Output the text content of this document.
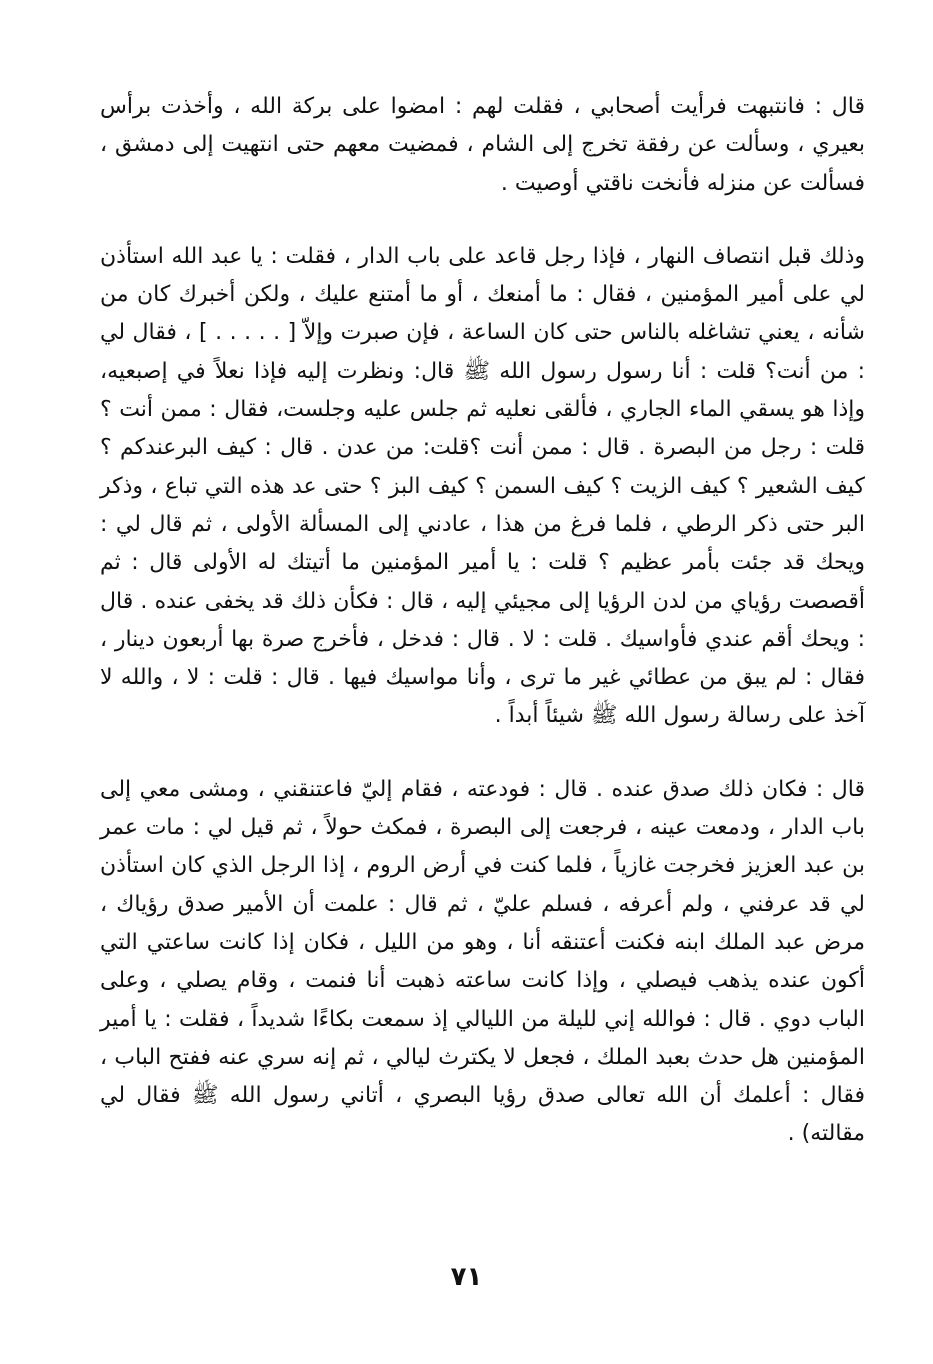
قال : فانتبهت فرأيت أصحابي ، فقلت لهم : امضوا على بركة الله ، وأخذت برأس بعيري ، وسألت عن رفقة تخرج إلى الشام ، فمضيت معهم حتى انتهيت إلى دمشق ، فسألت عن منزله فأنخت ناقتي أوصيت .

وذلك قبل انتصاف النهار ، فإذا رجل قاعد على باب الدار ، فقلت : يا عبد الله استأذن لي على أمير المؤمنين ، فقال : ما أمنعك ، أو ما أمتنع عليك ، ولكن أخبرك كان من شأنه ، يعني تشاغله بالناس حتى كان الساعة ، فإن صبرت وإلاّ [ . . . . . ] ، فقال لي : من أنت؟ قلت : أنا رسول رسول الله ﷺ قال: ونظرت إليه فإذا نعلاً في إصبعيه، وإذا هو يسقي الماء الجاري ، فألقى نعليه ثم جلس عليه وجلست، فقال : ممن أنت ؟ قلت : رجل من البصرة . قال : ممن أنت ؟قلت: من عدن . قال : كيف البرعندكم ؟ كيف الشعير ؟ كيف الزيت ؟ كيف السمن ؟ كيف البز ؟ حتى عد هذه التي تباع ، وذكر البر حتى ذكر الرطي ، فلما فرغ من هذا ، عادني إلى المسألة الأولى ، ثم قال لي : ويحك قد جئت بأمر عظيم ؟ قلت : يا أمير المؤمنين ما أتيتك له الأولى قال : ثم أقصصت رؤياي من لدن الرؤيا إلى مجيئي إليه ، قال : فكأن ذلك قد يخفى عنده . قال : ويحك أقم عندي فأواسيك . قلت : لا . قال : فدخل ، فأخرج صرة بها أربعون دينار ، فقال : لم يبق من عطائي غير ما ترى ، وأنا مواسيك فيها . قال : قلت : لا ، والله لا آخذ على رسالة رسول الله ﷺ شيئاً أبداً .

قال : فكان ذلك صدق عنده . قال : فودعته ، فقام إليّ فاعتنقني ، ومشى معي إلى باب الدار ، ودمعت عينه ، فرجعت إلى البصرة ، فمكث حولاً ، ثم قيل لي : مات عمر بن عبد العزيز فخرجت غازياً ، فلما كنت في أرض الروم ، إذا الرجل الذي كان استأذن لي قد عرفني ، ولم أعرفه ، فسلم عليّ ، ثم قال : علمت أن الأمير صدق رؤياك ، مرض عبد الملك ابنه فكنت أعتنقه أنا ، وهو من الليل ، فكان إذا كانت ساعتي التي أكون عنده يذهب فيصلي ، وإذا كانت ساعته ذهبت أنا فنمت ، وقام يصلي ، وعلى الباب دوي . قال : فوالله إني لليلة من الليالي إذ سمعت بكاءًا شديداً ، فقلت : يا أمير المؤمنين هل حدث بعبد الملك ، فجعل لا يكترث ليالي ، ثم إنه سري عنه ففتح الباب ، فقال : أعلمك أن الله تعالى صدق رؤيا البصري ، أتاني رسول الله ﷺ فقال لي مقالته) .

٧١
